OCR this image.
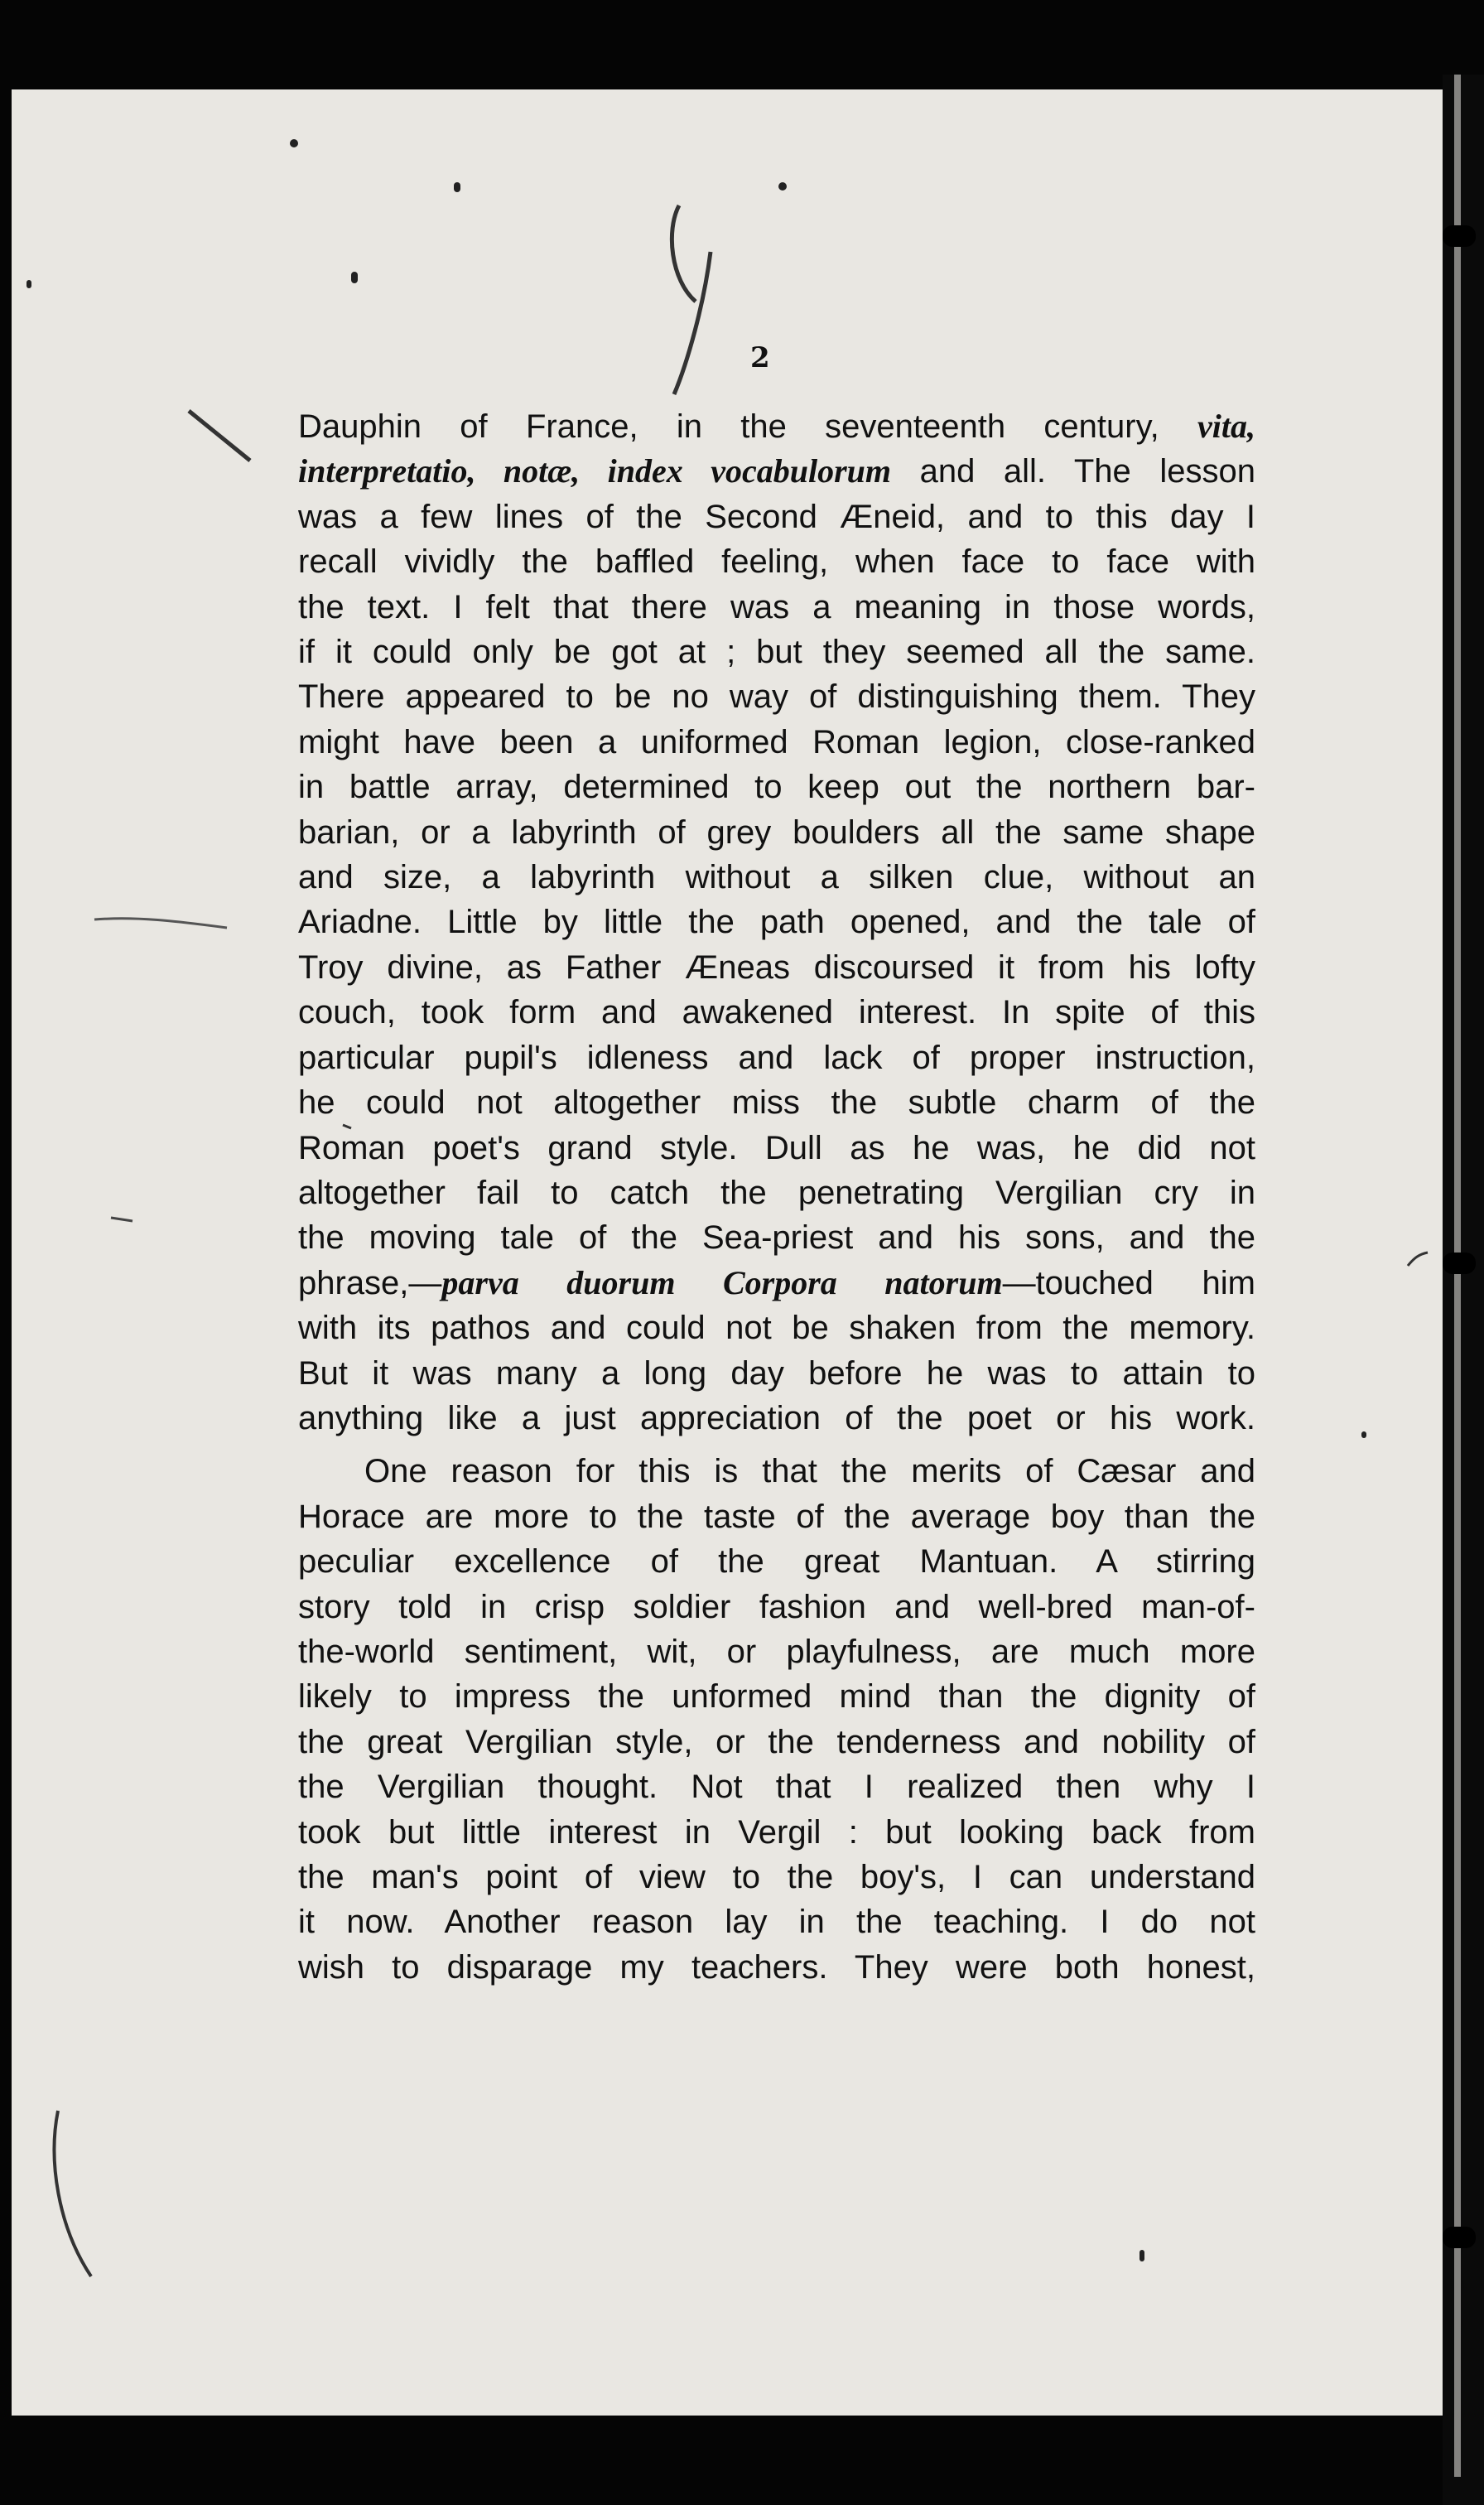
2
Dauphin of France, in the seventeenth century, vita,
interpretatio, notæ, index vocabulorum and all. The lesson
was a few lines of the Second Æneid, and to this day I
recall vividly the baffled feeling, when face to face with
the text. I felt that there was a meaning in those words,
if it could only be got at ; but they seemed all the same.
There appeared to be no way of distinguishing them. They
might have been a uniformed Roman legion, close-ranked
in battle array, determined to keep out the northern bar-
barian, or a labyrinth of grey boulders all the same shape
and size, a labyrinth without a silken clue, without an
Ariadne. Little by little the path opened, and the tale of
Troy divine, as Father Æneas discoursed it from his lofty
couch, took form and awakened interest. In spite of this
particular pupil's idleness and lack of proper instruction,
he could not altogether miss the subtle charm of the
Roman poet's grand style. Dull as he was, he did not
altogether fail to catch the penetrating Vergilian cry in
the moving tale of the Sea-priest and his sons, and the
phrase,—parva duorum Corpora natorum—touched him
with its pathos and could not be shaken from the memory.
But it was many a long day before he was to attain to
anything like a just appreciation of the poet or his work.
One reason for this is that the merits of Cæsar and
Horace are more to the taste of the average boy than the
peculiar excellence of the great Mantuan. A stirring
story told in crisp soldier fashion and well-bred man-of-
the-world sentiment, wit, or playfulness, are much more
likely to impress the unformed mind than the dignity of
the great Vergilian style, or the tenderness and nobility of
the Vergilian thought. Not that I realized then why I
took but little interest in Vergil : but looking back from
the man's point of view to the boy's, I can understand
it now. Another reason lay in the teaching. I do not
wish to disparage my teachers. They were both honest,
